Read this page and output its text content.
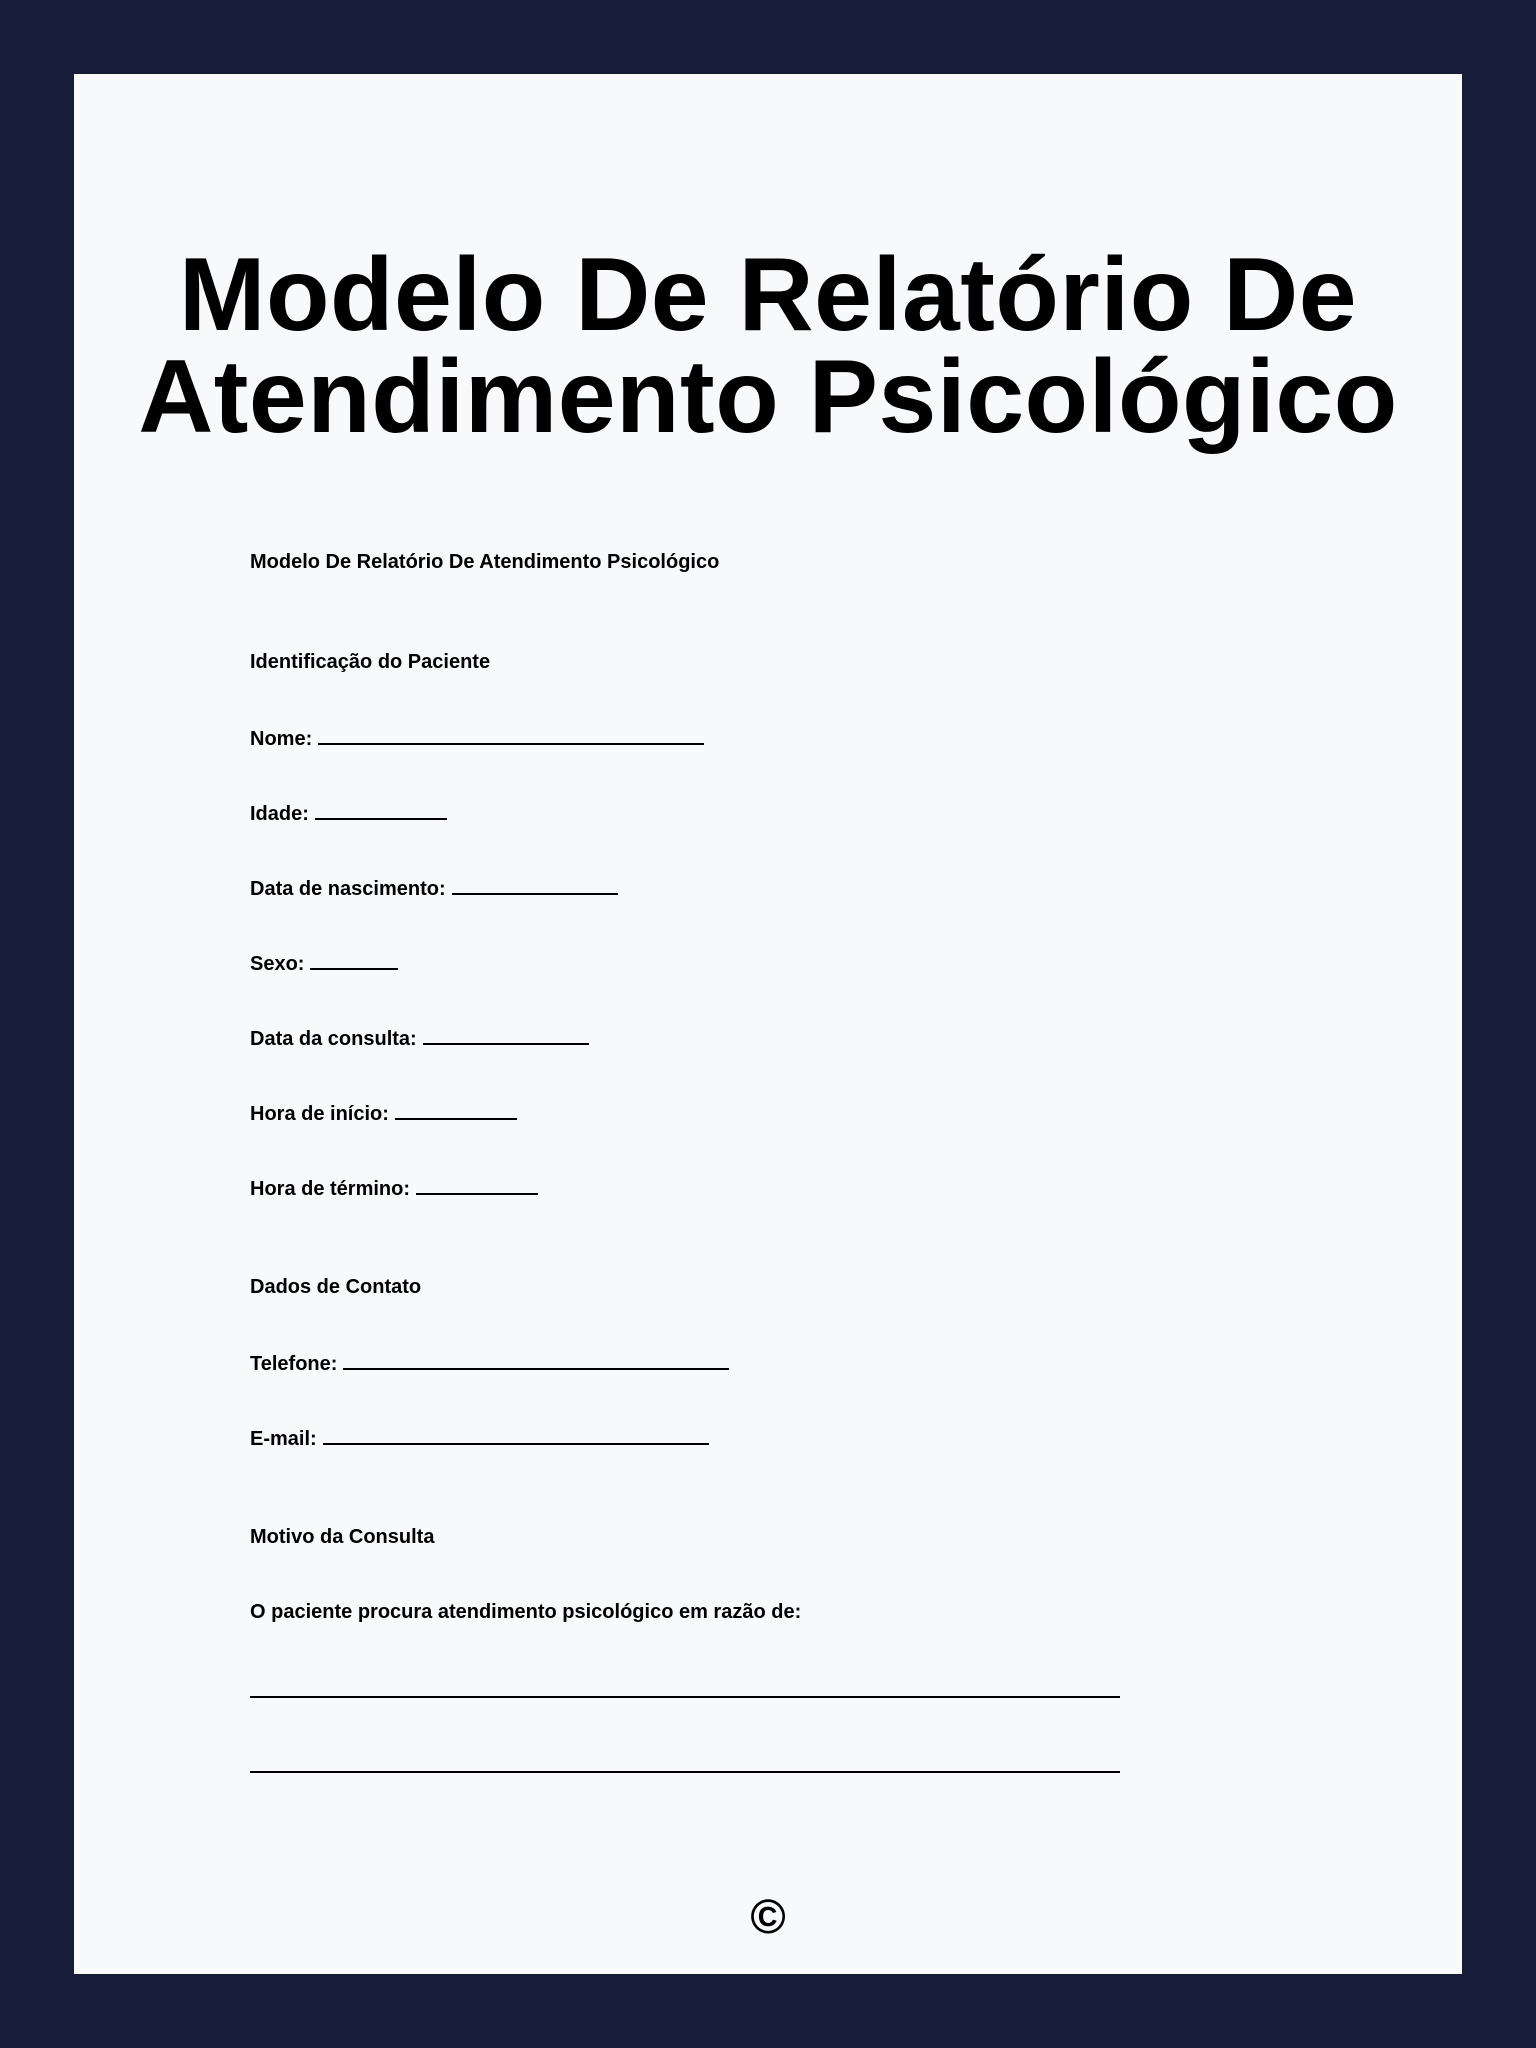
Modelo De Relatório De Atendimento Psicológico
Modelo De Relatório De Atendimento Psicológico
Identificação do Paciente
Nome:
Idade:
Data de nascimento:
Sexo:
Data da consulta:
Hora de início:
Hora de término:
Dados de Contato
Telefone:
E-mail:
Motivo da Consulta
O paciente procura atendimento psicológico em razão de:
©
